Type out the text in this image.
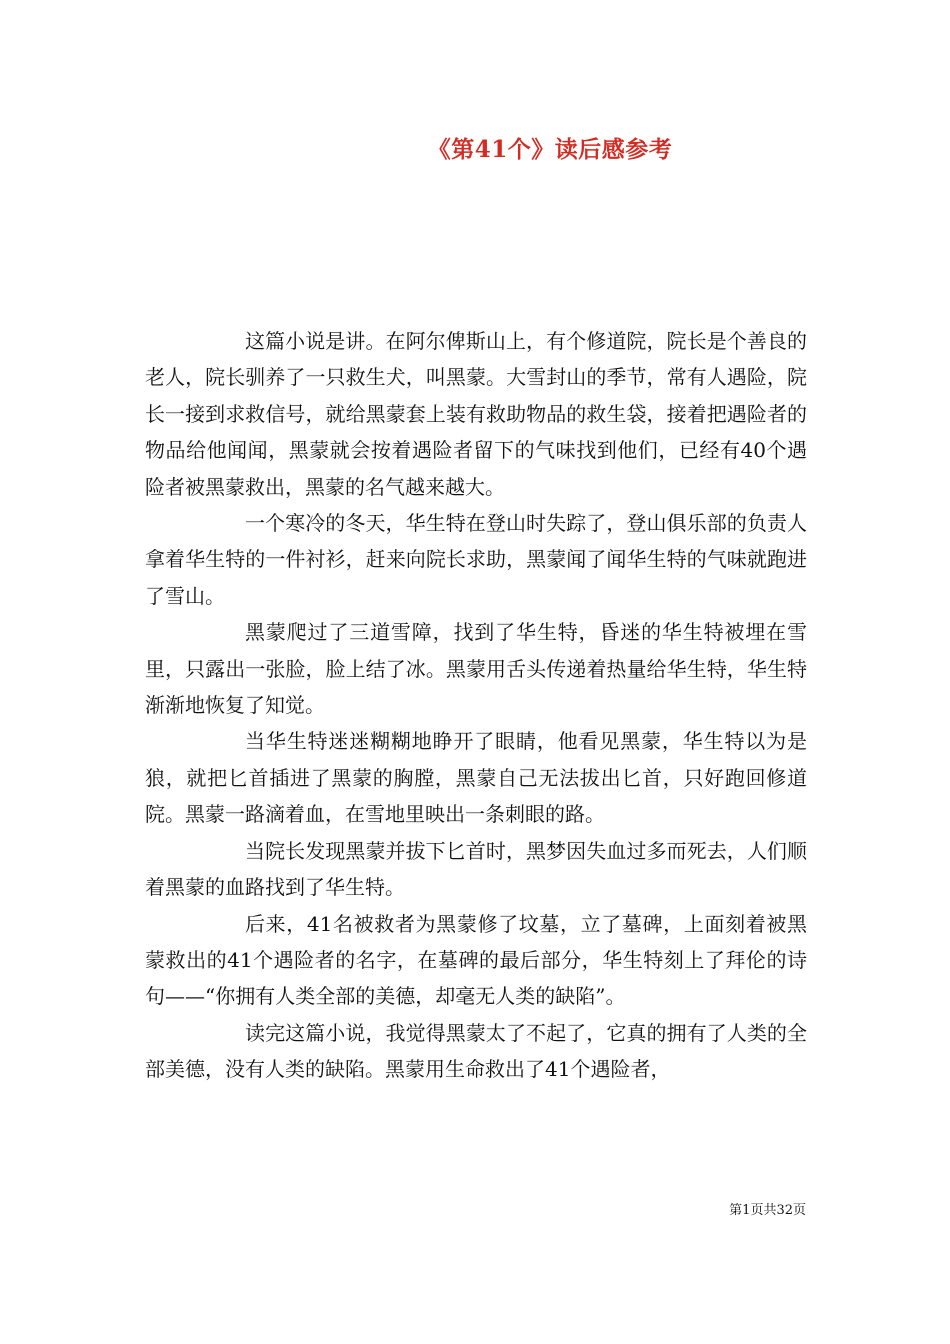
《第41个》读后感参考

这篇小说是讲。在阿尔俾斯山上，有个修道院，院长是个善良的老人，院长驯养了一只救生犬，叫黑蒙。大雪封山的季节，常有人遇险，院长一接到求救信号，就给黑蒙套上装有救助物品的救生袋，接着把遇险者的物品给他闻闻，黑蒙就会按着遇险者留下的气味找到他们，已经有40个遇险者被黑蒙救出，黑蒙的名气越来越大。

一个寒冷的冬天，华生特在登山时失踪了，登山俱乐部的负责人拿着华生特的一件衬衫，赶来向院长求助，黑蒙闻了闻华生特的气味就跑进了雪山。

黑蒙爬过了三道雪障，找到了华生特，昏迷的华生特被埋在雪里，只露出一张脸，脸上结了冰。黑蒙用舌头传递着热量给华生特，华生特渐渐地恢复了知觉。

当华生特迷迷糊糊地睁开了眼睛，他看见黑蒙，华生特以为是狼，就把匕首插进了黑蒙的胸膛，黑蒙自己无法拔出匕首，只好跑回修道院。黑蒙一路滴着血，在雪地里映出一条刺眼的路。

当院长发现黑蒙并拔下匕首时，黑梦因失血过多而死去，人们顺着黑蒙的血路找到了华生特。

后来，41名被救者为黑蒙修了坟墓，立了墓碑，上面刻着被黑蒙救出的41个遇险者的名字，在墓碑的最后部分，华生特刻上了拜伦的诗句——“你拥有人类全部的美德，却毫无人类的缺陷”。

读完这篇小说，我觉得黑蒙太了不起了，它真的拥有了人类的全部美德，没有人类的缺陷。黑蒙用生命救出了41个遇险者，

第1页共32页
